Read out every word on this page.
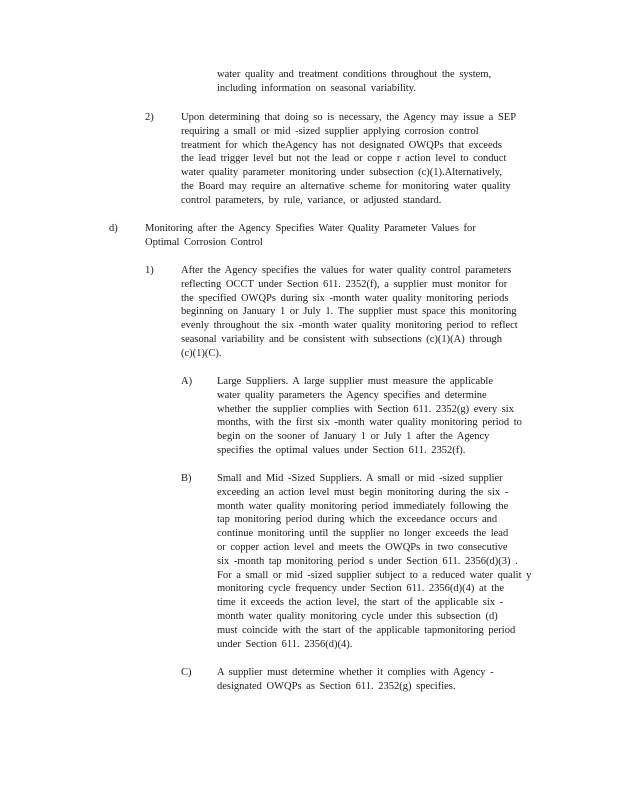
water quality and treatment conditions throughout the system,
including information on seasonal variability.
2)	Upon determining that doing so is necessary, the Agency may issue a SEP
requiring a small or mid -sized supplier applying corrosion control
treatment for which theAgency has not designated OWQPs that exceeds
the lead trigger level but not the lead or coppe r action level to conduct
water quality parameter monitoring under subsection (c)(1).Alternatively,
the Board may require an alternative scheme for monitoring water quality
control parameters, by rule, variance, or adjusted standard.
d)	Monitoring after the Agency Specifies Water Quality Parameter Values for
Optimal Corrosion Control
1)	After the Agency specifies the values for water quality control parameters
reflecting OCCT under Section 611. 2352(f), a supplier must monitor for
the specified OWQPs during six -month water quality monitoring periods
beginning on January 1 or July 1. The supplier must space this monitoring
evenly throughout the six -month water quality monitoring period to reflect
seasonal variability and be consistent with subsections (c)(1)(A) through
(c)(1)(C).
A) Large Suppliers. A large supplier must measure the applicable
water quality parameters the Agency specifies and determine
whether the supplier complies with Section 611. 2352(g) every six
months, with the first six -month water quality monitoring period to
begin on the sooner of January 1 or July 1 after the Agency
specifies the optimal values under Section 611. 2352(f).
B) Small and Mid -Sized Suppliers. A small or mid -sized supplier
exceeding an action level must begin monitoring during the six -
month water quality monitoring period immediately following the
tap monitoring period during which the exceedance occurs and
continue monitoring until the supplier no longer exceeds the lead
or copper action level and meets the OWQPs in two consecutive
six -month tap monitoring period s under Section 611. 2356(d)(3) .
For a small or mid -sized supplier subject to a reduced water qualit y
monitoring cycle frequency under Section 611. 2356(d)(4) at the
time it exceeds the action level, the start of the applicable six -
month water quality monitoring cycle under this subsection (d)
must coincide with the start of the applicable tapmonitoring period
under Section 611. 2356(d)(4).
C) A supplier must determine whether it complies with Agency -
designated OWQPs as Section 611. 2352(g) specifies.
